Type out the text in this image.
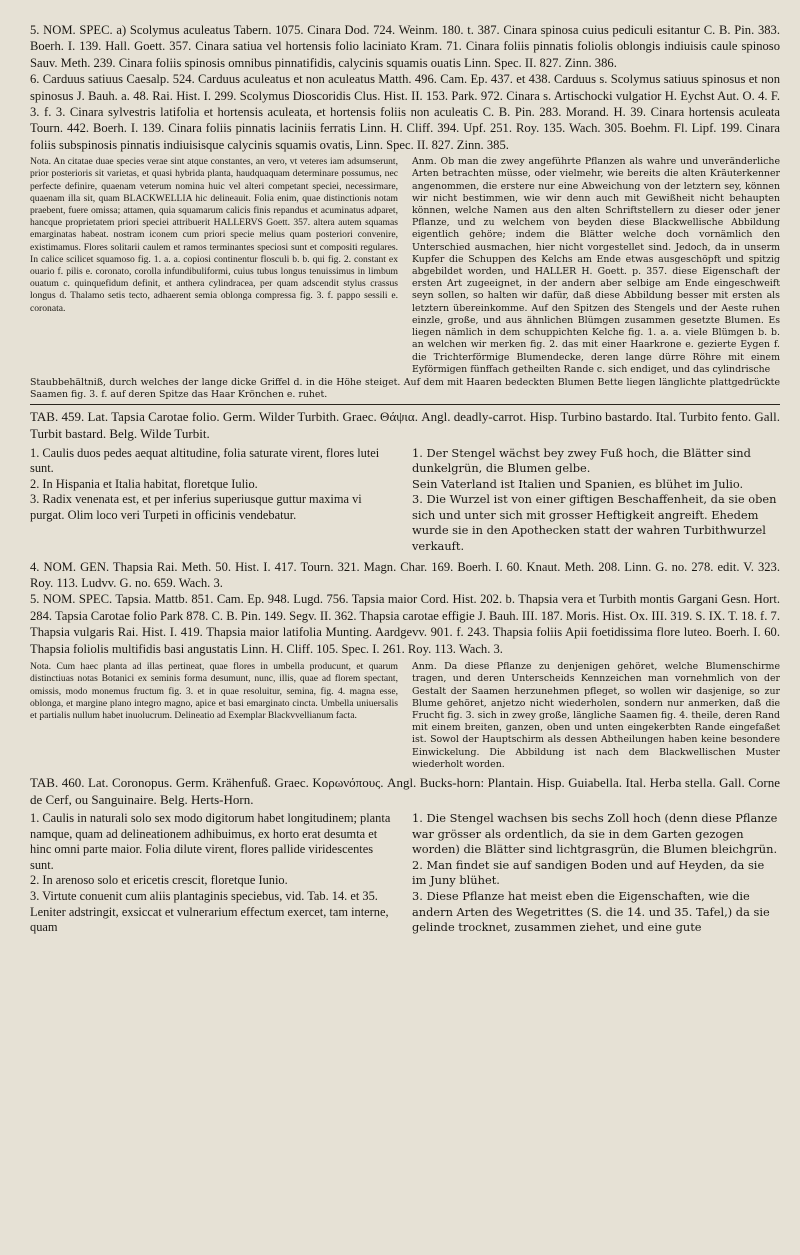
5. NOM. SPEC. a) Scolymus aculeatus Tabern. 1075. Cinara Dod. 724. Weinm. 180. t. 387. Cinara spinosa cuius pediculi esitantur C. B. Pin. 383. Boerh. I. 139. Hall. Goett. 357. Cinara satiua vel hortensis folio laciniato Kram. 71. Cinara foliis pinnatis foliolis oblongis indiuisis caule spinoso Sauv. Meth. 239. Cinara foliis spinosis omnibus pinnatifidis, calycinis squamis ouatis Linn. Spec. II. 827. Zinn. 386.

6. Carduus satiuus Caesalp. 524. Carduus aculeatus et non aculeatus Matth. 496. Cam. Ep. 437. et 438. Carduus s. Scolymus satiuus spinosus et non spinosus J. Bauh. a. 48. Rai. Hist. I. 299. Scolymus Dioscoridis Clus. Hist. II. 153. Park. 972. Cinara s. Artischocki vulgatior H. Eychst Aut. O. 4. F. 3. f. 3. Cinara sylvestris latifolia et hortensis aculeata, et hortensis foliis non aculeatis C. B. Pin. 283. Morand. H. 39. Cinara hortensis aculeata Tourn. 442. Boerh. I. 139. Cinara foliis pinnatis laciniis ferratis Linn. H. Cliff. 394. Upf. 251. Roy. 135. Wach. 305. Boehm. Fl. Lipf. 199. Cinara foliis subspinosis pinnatis indiuisisque calycinis squamis ovatis, Linn. Spec. II. 827. Zinn. 385.

Nota. An citatae duae species verae sint atque constantes, an vero, vt veteres iam adsumserunt, prior posterioris sit varietas, et quasi hybrida planta, haudquaquam determinare possumus, nec perfecte definire, quaenam veterum nomina huic vel alteri competant speciei, necessirmare, quaenam illa sit, quam BLACKWELLIA hic delineauit. Folia enim, quae distinctionis notam praebent, fuere omissa; attamen, quia squamarum calicis finis repandus et acuminatus adparet, hancque proprietatem priori speciei attribuerit HALLERVS Goett. 357. altera autem squamas emarginatas habeat. nostram iconem cum priori specie melius quam posteriori convenire, existimamus. Flores solitarii caulem et ramos terminantes speciosi sunt et compositi regulares. In calice scilicet squamoso fig. 1. a. a. copiosi continentur flosculi b. b. qui fig. 2. constant ex ouario f. pilis e. coronato, corolla infundibuliformi, cuius tubus longus tenuissimus in limbum ouatum c. quinquefidum definit, et anthera cylindracea, per quam adscendit stylus crassus longus d. Thalamo setis tecto, adhaerent semia oblonga compressa fig. 3. f. pappo sessili e. coronata.

Anm. Ob man die zwey angeführte Pflanzen als wahre und unveränderliche Arten betrachten müsse, oder vielmehr, wie bereits die alten Kräuterkenner angenommen, die erstere nur eine Abweichung von der letztern sey, können wir nicht bestimmen, wie wir denn auch mit Gewißheit nicht behaupten können, welche Namen aus den alten Schriftstellern zu dieser oder jener Pflanze, und zu welchem von beyden diese Blackwellische Abbildung eigentlich gehöre; indem die Blätter welche doch vornämlich den Unterschied ausmachen, hier nicht vorgestellet sind. Jedoch, da in unserm Kupfer die Schuppen des Kelchs am Ende etwas ausgeschöpft und spitzig abgebildet worden, und HALLER H. Goett. p. 357. diese Eigenschaft der ersten Art zugeeignet, in der andern aber selbige am Ende eingeschweift seyn sollen, so halten wir dafür, daß diese Abbildung besser mit ersten als letztern übereinkomme. Auf den Spitzen des Stengels und der Aeste ruhen einzle, große, und aus ähnlichen Blümgen zusammen gesetzte Blumen. Es liegen nämlich in dem schuppichten Kelche fig. 1. a. a. viele Blümgen b. b. an welchen wir merken fig. 2. das mit einer Haarkrone e. gezierte Eygen f. die Trichterförmige Blumendecke, deren lange dürre Röhre mit einem Eyförmigen fünffach getheilten Rande c. sich endiget, und das cylindrische

Staubbehältniß, durch welches der lange dicke Griffel d. in die Höhe steiget. Auf dem mit Haaren bedeckten Blumen Bette liegen länglichte plattgedrückte Saamen fig. 3. f. auf deren Spitze das Haar Krönchen e. ruhet.

TAB. 459. Lat. Tapsia Carotae folio. Germ. Wilder Turbith. Graec. Θάψια. Angl. deadly-carrot. Hisp. Turbino bastardo. Ital. Turbito fento. Gall. Turbit bastard. Belg. Wilde Turbit.

1. Caulis duos pedes aequat altitudine, folia saturate virent, flores lutei sunt.

2. In Hispania et Italia habitat, floretque Iulio.

3. Radix venenata est, et per inferius superiusque guttur maxima vi purgat. Olim loco veri Turpeti in officinis vendebatur.

1. Der Stengel wächst bey zwey Fuß hoch, die Blätter sind dunkelgrün, die Blumen gelbe.

Sein Vaterland ist Italien und Spanien, es blühet im Julio.

3. Die Wurzel ist von einer giftigen Beschaffenheit, da sie oben sich und unter sich mit grosser Heftigkeit angreift. Ehedem wurde sie in den Apothecken statt der wahren Turbithwurzel verkauft.

4. NOM. GEN. Thapsia Rai. Meth. 50. Hist. I. 417. Tourn. 321. Magn. Char. 169. Boerh. I. 60. Knaut. Meth. 208. Linn. G. no. 278. edit. V. 323. Roy. 113. Ludvv. G. no. 659. Wach. 3.

5. NOM. SPEC. Tapsia. Mattb. 851. Cam. Ep. 948. Lugd. 756. Tapsia maior Cord. Hist. 202. b. Thapsia vera et Turbith montis Gargani Gesn. Hort. 284. Tapsia Carotae folio Park 878. C. B. Pin. 149. Segv. II. 362. Thapsia carotae effigie J. Bauh. III. 187. Moris. Hist. Ox. III. 319. S. IX. T. 18. f. 7. Thapsia vulgaris Rai. Hist. I. 419. Thapsia maior latifolia Munting. Aardgevv. 901. f. 243. Thapsia foliis Apii foetidissima flore luteo. Boerh. I. 60. Thapsia foliolis multifidis basi angustatis Linn. H. Cliff. 105. Spec. I. 261. Roy. 113. Wach. 3.

Nota. Cum haec planta ad illas pertineat, quae flores in umbella producunt, et quarum distinctiuas notas Botanici ex seminis forma desumunt, nunc, illis, quae ad florem spectant, omissis, modo monemus fructum fig. 3. et in quae resoluitur, semina, fig. 4. magna esse, oblonga, et margine plano integro magno, apice et basi emarginato cincta. Umbella uniuersalis et partialis nullum habet inuolucrum. Delineatio ad Exemplar Blackvvellianum facta.

Anm. Da diese Pflanze zu denjenigen gehöret, welche Blumenschirme tragen, und deren Unterscheids Kennzeichen man vornehmlich von der Gestalt der Saamen herzunehmen pfleget, so wollen wir dasjenige, so zur Blume gehöret, anjetzo nicht wiederholen, sondern nur anmerken, daß die Frucht fig. 3. sich in zwey große, längliche Saamen fig. 4. theile, deren Rand mit einem breiten, ganzen, oben und unten eingekerbten Rande eingefaßet ist. Sowol der Hauptschirm als dessen Abtheilungen haben keine besondere Einwickelung. Die Abbildung ist nach dem Blackwellischen Muster wiederholt worden.

TAB. 460. Lat. Coronopus. Germ. Krähenfuß. Graec. Κορωνόπους. Angl. Bucks-horn: Plantain. Hisp. Guiabella. Ital. Herba stella. Gall. Corne de Cerf, ou Sanguinaire. Belg. Herts-Horn.

1. Caulis in naturali solo sex modo digitorum habet longitudinem; planta namque, quam ad delineationem adhibuimus, ex horto erat desumta et hinc omni parte maior. Folia dilute virent, flores pallide viridescentes sunt.

2. In arenoso solo et ericetis crescit, floretque Iunio.

3. Virtute conuenit cum aliis plantaginis speciebus, vid. Tab. 14. et 35. Leniter adstringit, exsiccat et vulnerarium effectum exercet, tam interne, quam

1. Die Stengel wachsen bis sechs Zoll hoch (denn diese Pflanze war grösser als ordentlich, da sie in dem Garten gezogen worden) die Blätter sind lichtgrasgrün, die Blumen bleichgrün.

2. Man findet sie auf sandigen Boden und auf Heyden, da sie im Juny blühet.

3. Diese Pflanze hat meist eben die Eigenschaften, wie die andern Arten des Wegetrittes (S. die 14. und 35. Tafel,) da sie gelinde trocknet, zusammen ziehet, und eine gute
